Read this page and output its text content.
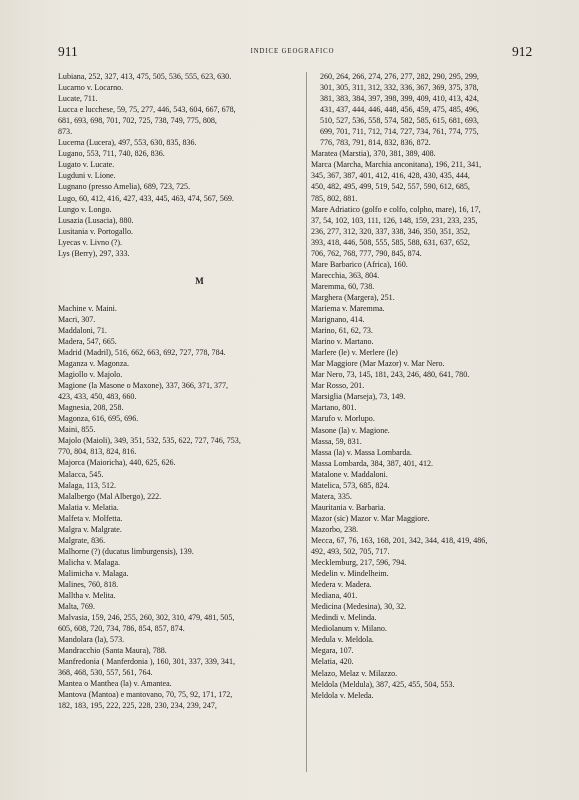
911	INDICE GEOGRAFICO	912
Lubiana, 252, 327, 413, 475, 505, 536, 555, 623, 630.
Lucarno v. Locarno.
Lucate, 711.
Lucca e lucchese, 59, 75, 277, 446, 543, 604, 667, 678,
681, 693, 698, 701, 702, 725, 738, 749, 775, 808,
873.
Lucerna (Lucera), 497, 553, 630, 835, 836.
Lugano, 553, 711, 740, 826, 836.
Lugato v. Lucate.
Lugduni v. Lione.
Lugnano (presso Amelia), 689, 723, 725.
Lugo, 60, 412, 416, 427, 433, 445, 463, 474, 567, 569.
Lungo v. Longo.
Lusazia (Lusacia), 880.
Lusitania v. Portogallo.
Lyecas v. Livno (?).
Lys (Berry), 297, 333.
M
Machine v. Maini.
Macri, 307.
Maddaloni, 71.
Madera, 547, 665.
Madrid (Madril), 516, 662, 663, 692, 727, 778, 784.
Maganza v. Magonza.
Magiollo v. Majolo.
Magione (la Masone o Maxone), 337, 366, 371, 377,
423, 433, 450, 483, 660.
Magnesia, 208, 258.
Magonza, 616, 695, 696.
Maini, 855.
Majolo (Maioli), 349, 351, 532, 535, 622, 727, 746, 753,
770, 804, 813, 824, 816.
Majorca (Maioricha), 440, 625, 626.
Malacca, 545.
Malaga, 113, 512.
Malalbergo (Mal Albergo), 222.
Malatia v. Melatia.
Malfeta v. Molfetta.
Malgra v. Malgrate.
Malgrate, 836.
Malhorne (?) (ducatus limburgensis), 139.
Malicha v. Malaga.
Malimicha v. Malaga.
Malines, 760, 818.
Malltha v. Melita.
Malta, 769.
Malvasia, 159, 246, 255, 260, 302, 310, 479, 481, 505,
605, 608, 720, 734, 786, 854, 857, 874.
Mandolara (la), 573.
Mandracchio (Santa Maura), 788.
Manfredonia ( Manferdonia ), 160, 301, 337, 339, 341,
368, 468, 530, 557, 561, 764.
Mantea o Manthea (la) v. Amantea.
Mantova (Mantoa) e mantovano, 70, 75, 92, 171, 172,
182, 183, 195, 222, 225, 228, 230, 234, 239, 247,
260, 264, 266, 274, 276, 277, 282, 290, 295, 299,
301, 305, 311, 312, 332, 336, 367, 369, 375, 378,
381, 383, 384, 397, 398, 399, 409, 410, 413, 424,
431, 437, 444, 446, 448, 456, 459, 475, 485, 496,
510, 527, 536, 558, 574, 582, 585, 615, 681, 693,
699, 701, 711, 712, 714, 727, 734, 761, 774, 775,
776, 783, 791, 814, 832, 836, 872.
Maratea (Marstia), 370, 381, 389, 408.
Marca (Marcha, Marchia anconitana), 196, 211, 341,
345, 367, 387, 401, 412, 416, 428, 430, 435, 444,
450, 482, 495, 499, 519, 542, 557, 590, 612, 685,
785, 802, 881.
Mare Adriatico (golfo e colfo, colpho, mare), 16, 17,
37, 54, 102, 103, 111, 126, 148, 159, 231, 233, 235,
236, 277, 312, 320, 337, 338, 346, 350, 351, 352,
393, 418, 446, 508, 555, 585, 588, 631, 637, 652,
706, 762, 768, 777, 790, 845, 874.
Mare Barbarico (Africa), 160.
Marecchia, 363, 804.
Maremma, 60, 738.
Marghera (Margera), 251.
Mariema v. Maremma.
Marignano, 414.
Marino, 61, 62, 73.
Marino v. Martano.
Marlere (le) v. Merlere (le)
Mar Maggiore (Mar Mazor) v. Mar Nero.
Mar Nero, 73, 145, 181, 243, 246, 480, 641, 780.
Mar Rosso, 201.
Marsiglia (Marseja), 73, 149.
Martano, 801.
Marufo v. Morlupo.
Masone (la) v. Magione.
Massa, 59, 831.
Massa (la) v. Massa Lombarda.
Massa Lombarda, 384, 387, 401, 412.
Matalone v. Maddaloni.
Matelica, 573, 685, 824.
Matera, 335.
Mauritania v. Barbaria.
Mazor (sic) Mazor v. Mar Maggiore.
Mazorbo, 238.
Mecca, 67, 76, 163, 168, 201, 342, 344, 418, 419, 486,
492, 493, 502, 705, 717.
Mecklemburg, 217, 596, 794.
Medelin v. Mindelheim.
Medera v. Madera.
Mediana, 401.
Medicina (Medesina), 30, 32.
Medindi v. Melinda.
Mediolanum v. Milano.
Medula v. Meldola.
Megara, 107.
Melatia, 420.
Melazo, Melaz v. Milazzo.
Meldola (Meldula), 387, 425, 455, 504, 553.
Meldola v. Meleda.
